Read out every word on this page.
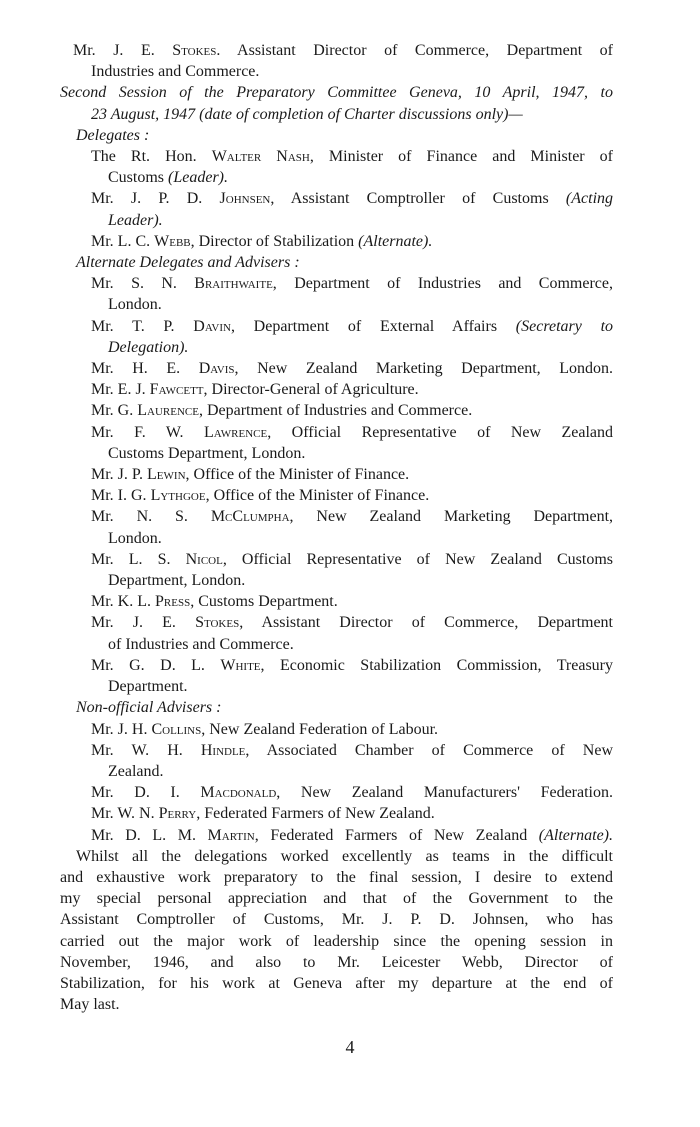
Mr. J. E. Stokes. Assistant Director of Commerce, Department of
Industries and Commerce.
Second Session of the Preparatory Committee Geneva, 10 April, 1947, to
23 August, 1947 (date of completion of Charter discussions only)—
Delegates :
The Rt. Hon. Walter Nash, Minister of Finance and Minister of
Customs (Leader).
Mr. J. P. D. Johnsen, Assistant Comptroller of Customs (Acting
Leader).
Mr. L. C. Webb, Director of Stabilization (Alternate).
Alternate Delegates and Advisers :
Mr. S. N. Braithwaite, Department of Industries and Commerce,
London.
Mr. T. P. Davin, Department of External Affairs (Secretary to
Delegation).
Mr. H. E. Davis, New Zealand Marketing Department, London.
Mr. E. J. Fawcett, Director-General of Agriculture.
Mr. G. Laurence, Department of Industries and Commerce.
Mr. F. W. Lawrence, Official Representative of New Zealand
Customs Department, London.
Mr. J. P. Lewin, Office of the Minister of Finance.
Mr. I. G. Lythgoe, Office of the Minister of Finance.
Mr. N. S. McClumpha, New Zealand Marketing Department,
London.
Mr. L. S. Nicol, Official Representative of New Zealand Customs
Department, London.
Mr. K. L. Press, Customs Department.
Mr. J. E. Stokes, Assistant Director of Commerce, Department
of Industries and Commerce.
Mr. G. D. L. White, Economic Stabilization Commission, Treasury
Department.
Non-official Advisers :
Mr. J. H. Collins, New Zealand Federation of Labour.
Mr. W. H. Hindle, Associated Chamber of Commerce of New
Zealand.
Mr. D. I. Macdonald, New Zealand Manufacturers' Federation.
Mr. W. N. Perry, Federated Farmers of New Zealand.
Mr. D. L. M. Martin, Federated Farmers of New Zealand (Alternate).
Whilst all the delegations worked excellently as teams in the difficult
and exhaustive work preparatory to the final session, I desire to extend
my special personal appreciation and that of the Government to the
Assistant Comptroller of Customs, Mr. J. P. D. Johnsen, who has
carried out the major work of leadership since the opening session in
November, 1946, and also to Mr. Leicester Webb, Director of
Stabilization, for his work at Geneva after my departure at the end of
May last.
4
